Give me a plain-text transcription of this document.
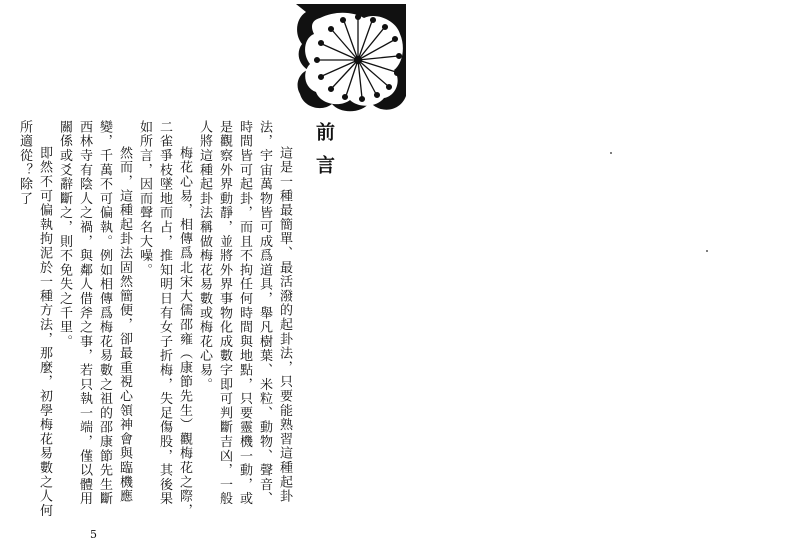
前言

這是一種最簡單、最活潑的起卦法，只要能熟習這種起卦法，宇宙萬物皆可成爲道具，舉凡樹葉、米粒、動物、聲音、時間皆可起卦，而且不拘任何時間與地點，只要靈機一動，或是觀察外界動靜，並將外界事物化成數字即可判斷吉凶，一般人將這種起卦法稱做梅花易數或梅花心易。

梅花心易，相傳爲北宋大儒邵雍（康節先生）觀梅花之際，二雀爭枝墜地而占，推知明日有女子折梅，失足傷股，其後果如所言，因而聲名大噪。

然而，這種起卦法固然簡便，卻最重視心領神會與臨機應變，千萬不可偏執。例如相傳爲梅花易數之祖的邵康節先生斷西林寺有陰人之禍，與鄰人借斧之事，若只執一端，僅以體用關係或爻辭斷之，則不免失之千里。

即然不可偏執拘泥於一種方法，那麼，初學梅花易數之人何所適從？除了

5
